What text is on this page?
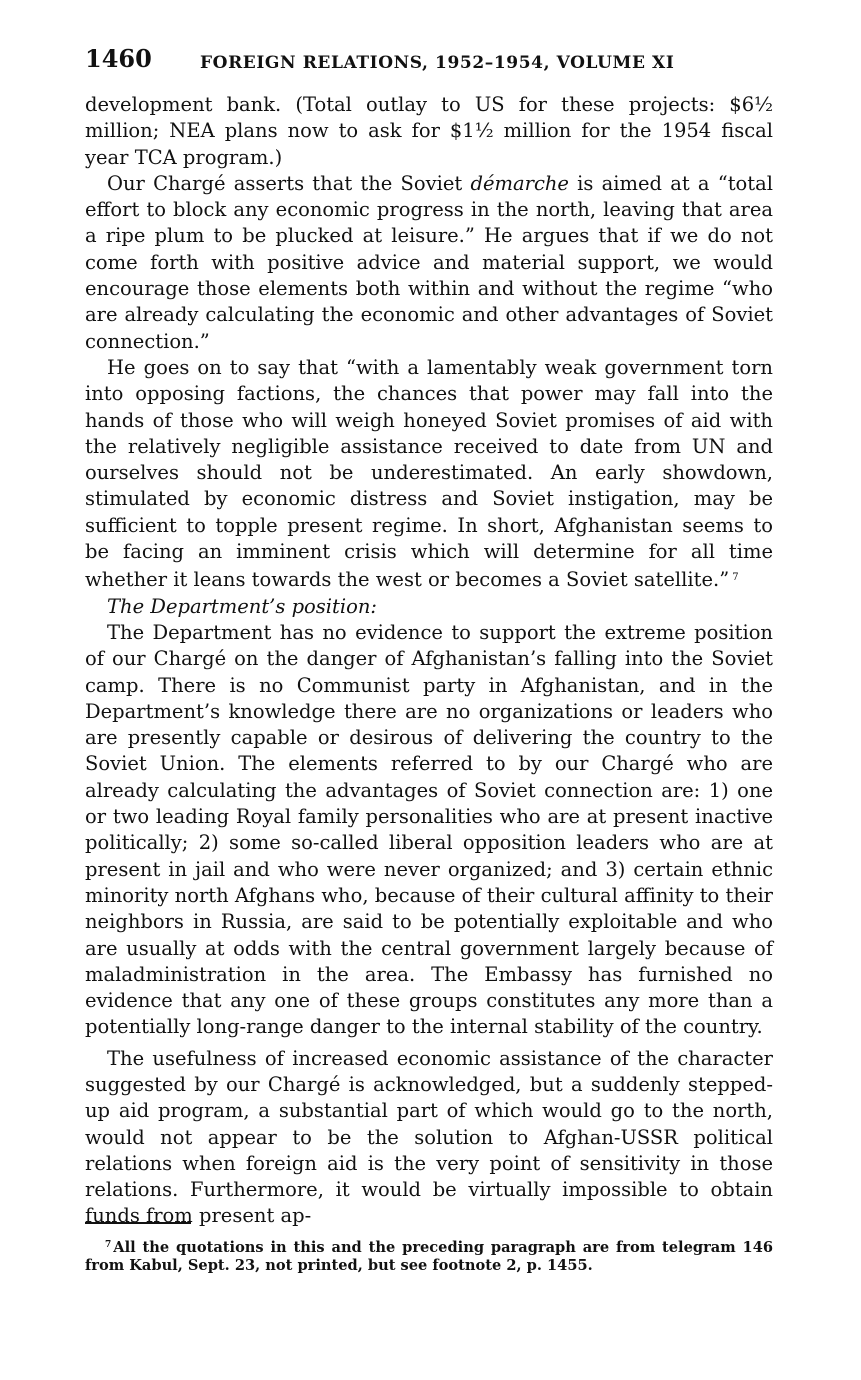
1460	FOREIGN RELATIONS, 1952–1954, VOLUME XI

development bank. (Total outlay to US for these projects: $6½ million; NEA plans now to ask for $1½ million for the 1954 fiscal year TCA program.)

Our Chargé asserts that the Soviet démarche is aimed at a “total effort to block any economic progress in the north, leaving that area a ripe plum to be plucked at leisure.” He argues that if we do not come forth with positive advice and material support, we would encourage those elements both within and without the regime “who are already calculating the economic and other advantages of Soviet connection.”

He goes on to say that “with a lamentably weak government torn into opposing factions, the chances that power may fall into the hands of those who will weigh honeyed Soviet promises of aid with the relatively negligible assistance received to date from UN and ourselves should not be underestimated. An early showdown, stimulated by economic distress and Soviet instigation, may be sufficient to topple present regime. In short, Afghanistan seems to be facing an imminent crisis which will determine for all time whether it leans towards the west or becomes a Soviet satellite.” $^7$

The Department’s position:

The Department has no evidence to support the extreme position of our Chargé on the danger of Afghanistan’s falling into the Soviet camp. There is no Communist party in Afghanistan, and in the Department’s knowledge there are no organizations or leaders who are presently capable or desirous of delivering the country to the Soviet Union. The elements referred to by our Chargé who are already calculating the advantages of Soviet connection are: 1) one or two leading Royal family personalities who are at present inactive politically; 2) some so-called liberal opposition leaders who are at present in jail and who were never organized; and 3) certain ethnic minority north Afghans who, because of their cultural affinity to their neighbors in Russia, are said to be potentially exploitable and who are usually at odds with the central government largely because of maladministration in the area. The Embassy has furnished no evidence that any one of these groups constitutes any more than a potentially long-range danger to the internal stability of the country.

The usefulness of increased economic assistance of the character suggested by our Chargé is acknowledged, but a suddenly stepped-up aid program, a substantial part of which would go to the north, would not appear to be the solution to Afghan-USSR political relations when foreign aid is the very point of sensitivity in those relations. Furthermore, it would be virtually impossible to obtain funds from present ap-

$^7$ All the quotations in this and the preceding paragraph are from telegram 146 from Kabul, Sept. 23, not printed, but see footnote 2, p. 1455.
